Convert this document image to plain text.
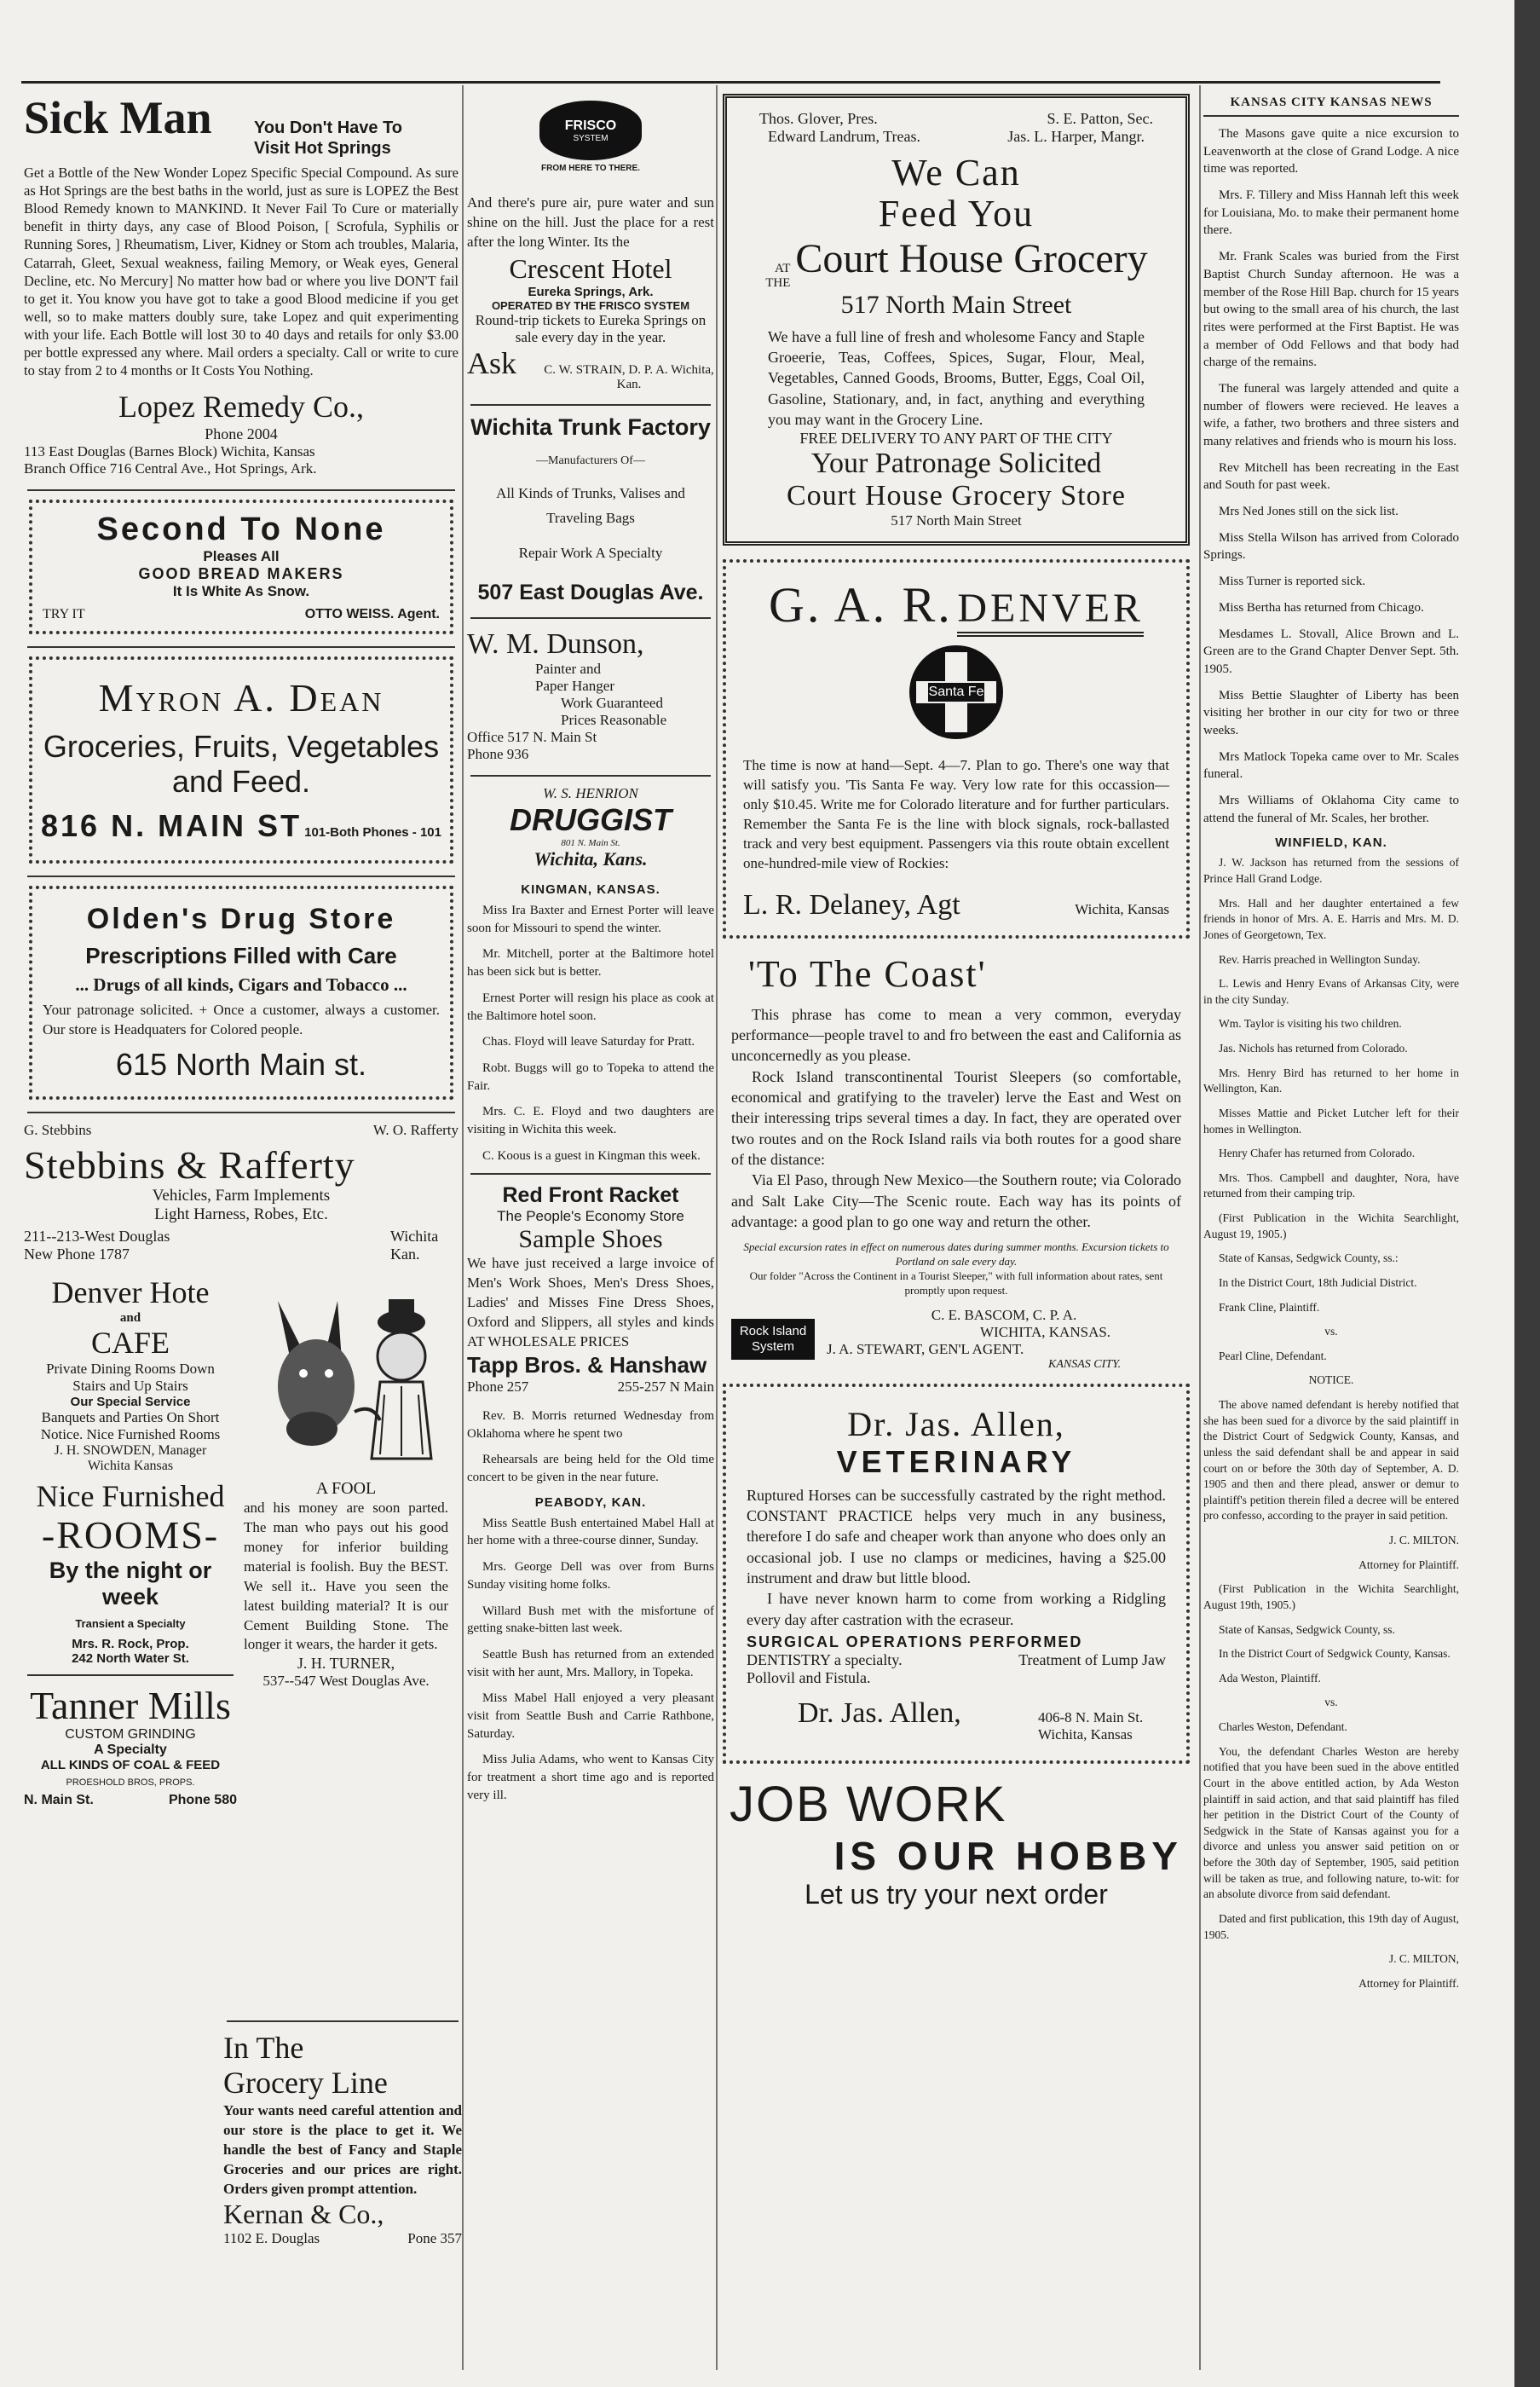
Sick Man You Don't Have To
Visit Hot Springs
Get a Bottle of the New Wonder Lopez Specific Special Compound. As sure as Hot Springs are the best baths in the world, just as sure is LOPEZ the Best Blood Remedy known to MANKIND. It Never Fail To Cure or materially benefit in thirty days, any case of Blood Poison, [ Scrofula, Syphilis or Running Sores, ] Rheumatism, Liver, Kidney or Stom ach troubles, Malaria, Catarrah, Gleet, Sexual weakness, failing Memory, or Weak eyes, General Decline, etc. No Mercury] No matter how bad or where you live DON'T fail to get it. You know you have got to take a good Blood medicine if you get well, so to make matters doubly sure, take Lopez and quit experimenting with your life. Each Bottle will lost 30 to 40 days and retails for only $3.00 per bottle expressed any where. Mail orders a specialty. Call or write to cure to stay from 2 to 4 months or It Costs You Nothing.
Lopez Remedy Co.,
Phone 2004
113 East Douglas (Barnes Block) Wichita, Kansas
Branch Office 716 Central Ave., Hot Springs, Ark.
Second To None
Pleases All
GOOD BREAD MAKERS
It Is White As Snow.
TRY IT	OTTO WEISS. Agent.
Myron A. Dean
Groceries, Fruits, Vegetables and Feed.
816 N. MAIN ST 101-Both Phones - 101
Olden's Drug Store
Prescriptions Filled with Care
... Drugs of all kinds, Cigars and Tobacco ...
Your patronage solicited. + Once a customer, always a customer. Our store is Headquaters for Colored people.
615 North Main st.
G. Stebbins	W. O. Rafferty
Stebbins & Rafferty
Vehicles, Farm Implements
Light Harness, Robes, Etc.
211--213-West Douglas
New Phone 1787
Wichita Kan.
Denver Hote
and
CAFE
Private Dining Rooms Down
Stairs and Up Stairs
Our Special Service
Banquets and Parties On Short
Notice. Nice Furnished Rooms
J. H. SNOWDEN, Manager
Wichita Kansas
Nice Furnished
-ROOMS-
By the night or week
Transient a Specialty
Mrs. R. Rock, Prop.
242 North Water St.
Tanner Mills
CUSTOM GRINDING
A Specialty
ALL KINDS OF COAL & FEED
PROESHOLD BROS, PROPS.
N. Main St.	Phone 580
A FOOL
and his money are soon parted. The man who pays out his good money for inferior building material is foolish. Buy the BEST. We sell it.. Have you seen the latest building material? It is our Cement Building Stone. The longer it wears, the harder it gets.
J. H. TURNER,
537--547 West Douglas Ave.
In The
Grocery Line
Your wants need careful attention and our store is the place to get it. We handle the best of Fancy and Staple Groceries and our prices are right. Orders given prompt attention.
Kernan & Co.,
1102 E. Douglas	Pone 357
FRISCO
SYSTEM
FROM HERE TO THERE.
And there's pure air, pure water and sun shine on the hill. Just the place for a rest after the long Winter. Its the
Crescent Hotel
Eureka Springs, Ark.
OPERATED BY THE FRISCO SYSTEM
Round-trip tickets to Eureka Springs on sale every day in the year.
Ask C. W. STRAIN, D. P. A. Wichita, Kan.
Wichita Trunk Factory
—Manufacturers Of—
All Kinds of Trunks, Valises and Traveling Bags
Repair Work A Specialty
507 East Douglas Ave.
W. M. Dunson,
Painter and
Paper Hanger
Work Guaranteed
Prices Reasonable
Office 517 N. Main St
Phone 936
W. S. HENRION
DRUGGIST
801 N. Main St.
Wichita, Kans.
KINGMAN, KANSAS.

Miss Ira Baxter and Ernest Porter will leave soon for Missouri to spend the winter.

Mr. Mitchell, porter at the Baltimore hotel has been sick but is better.

Ernest Porter will resign his place as cook at the Baltimore hotel soon.

Chas. Floyd will leave Saturday for Pratt.

Robt. Buggs will go to Topeka to attend the Fair.

Mrs. C. E. Floyd and two daughters are visiting in Wichita this week.

C. Koous is a guest in Kingman this week.

Red Front Racket
The People's Economy Store
Sample Shoes
We have just received a large invoice of Men's Work Shoes, Men's Dress Shoes, Ladies' and Misses Fine Dress Shoes, Oxford and Slippers, all styles and kinds AT WHOLESALE PRICES
Tapp Bros. & Hanshaw
Phone 257	255-257 N Main

Rev. B. Morris returned Wednesday from Oklahoma where he spent two

Rehearsals are being held for the Old time concert to be given in the near future.

PEABODY, KAN.

Miss Seattle Bush entertained Mabel Hall at her home with a three-course dinner, Sunday.

Mrs. George Dell was over from Burns Sunday visiting home folks.

Willard Bush met with the misfortune of getting snake-bitten last week.

Seattle Bush has returned from an extended visit with her aunt, Mrs. Mallory, in Topeka.

Miss Mabel Hall enjoyed a very pleasant visit from Seattle Bush and Carrie Rathbone, Saturday.

Miss Julia Adams, who went to Kansas City for treatment a short time ago and is reported very ill.

Thos. Glover, Pres.	S. E. Patton, Sec.
Edward Landrum, Treas.	Jas. L. Harper, Mangr.
We Can
Feed You
AT THE
Court House Grocery
517 North Main Street
We have a full line of fresh and wholesome Fancy and Staple Groeerie, Teas, Coffees, Spices, Sugar, Flour, Meal, Vegetables, Canned Goods, Brooms, Butter, Eggs, Coal Oil, Gasoline, Stationary, and, in fact, anything and everything you may want in the Grocery Line.
FREE DELIVERY TO ANY PART OF THE CITY
Your Patronage Solicited
Court House Grocery Store
517 North Main Street
G. A. R. DENVER
Santa Fe
The time is now at hand—Sept. 4—7. Plan to go. There's one way that will satisfy you. 'Tis Santa Fe way. Very low rate for this occassion—only $10.45. Write me for Colorado literature and for further particulars. Remember the Santa Fe is the line with block signals, rock-ballasted track and very best equipment. Passengers via this route obtain excellent one-hundred-mile view of Rockies:
L. R. Delaney, Agt	Wichita, Kansas
'To The Coast'
This phrase has come to mean a very common, everyday performance—people travel to and fro between the east and California as unconcernedly as you please.
Rock Island transcontinental Tourist Sleepers (so comfortable, economical and gratifying to the traveler) lerve the East and West on their interessing trips several times a day. In fact, they are operated over two routes and on the Rock Island rails via both routes for a good share of the distance:
Via El Paso, through New Mexico—the Southern route; via Colorado and Salt Lake City—The Scenic route. Each way has its points of advantage: a good plan to go one way and return the other.
Special excursion rates in effect on numerous dates during summer months. Excursion tickets to Portland on sale every day.
Our folder "Across the Continent in a Tourist Sleeper," with full information about rates, sent promptly upon request.
Rock Island System
C. E. BASCOM, C. P. A.
WICHITA, KANSAS.
J. A. STEWART, GEN'L AGENT.
KANSAS CITY.
Dr. Jas. Allen,
VETERINARY
Ruptured Horses can be successfully castrated by the right method. CONSTANT PRACTICE helps very much in any business, therefore I do safe and cheaper work than anyone who does only an occasional job. I use no clamps or medicines, having a $25.00 instrument and draw but little blood.
I have never known harm to come from working a Ridgling every day after castration with the ecraseur.
SURGICAL OPERATIONS PERFORMED
DENTISTRY a specialty.	Treatment of Lump Jaw
Pollovil and Fistula.
Dr. Jas. Allen,	406-8 N. Main St. Wichita, Kansas
JOB WORK
IS OUR HOBBY
Let us try your next order
KANSAS CITY KANSAS NEWS

The Masons gave quite a nice excursion to Leavenworth at the close of Grand Lodge. A nice time was reported.

Mrs. F. Tillery and Miss Hannah left this week for Louisiana, Mo. to make their permanent home there.

Mr. Frank Scales was buried from the First Baptist Church Sunday afternoon. He was a member of the Rose Hill Bap. church for 15 years but owing to the small area of his church, the last rites were performed at the First Baptist. He was a member of Odd Fellows and that body had charge of the remains.

The funeral was largely attended and quite a number of flowers were recieved. He leaves a wife, a father, two brothers and three sisters and many relatives and friends who is mourn his loss.

Rev Mitchell has been recreating in the East and South for past week.

Mrs Ned Jones still on the sick list.

Miss Stella Wilson has arrived from Colorado Springs.

Miss Turner is reported sick.

Miss Bertha has returned from Chicago.

Mesdames L. Stovall, Alice Brown and L. Green are to the Grand Chapter Denver Sept. 5th. 1905.

Miss Bettie Slaughter of Liberty has been visiting her brother in our city for two or three weeks.

Mrs Matlock Topeka came over to Mr. Scales funeral.

Mrs Williams of Oklahoma City came to attend the funeral of Mr. Scales, her brother.

WINFIELD, KAN.

J. W. Jackson has returned from the sessions of Prince Hall Grand Lodge.

Mrs. Hall and her daughter entertained a few friends in honor of Mrs. A. E. Harris and Mrs. M. D. Jones of Georgetown, Tex.

Rev. Harris preached in Wellington Sunday.

L. Lewis and Henry Evans of Arkansas City, were in the city Sunday.

Wm. Taylor is visiting his two children.

Jas. Nichols has returned from Colorado.

Mrs. Henry Bird has returned to her home in Wellington, Kan.

Misses Mattie and Picket Lutcher left for their homes in Wellington.

Henry Chafer has returned from Colorado.

Mrs. Thos. Campbell and daughter, Nora, have returned from their camping trip.

(First Publication in the Wichita Searchlight, August 19, 1905.)

State of Kansas, Sedgwick County, ss.:

In the District Court, 18th Judicial District.

Frank Cline, Plaintiff.

vs.

Pearl Cline, Defendant.

NOTICE.

The above named defendant is hereby notified that she has been sued for a divorce by the said plaintiff in the District Court of Sedgwick County, Kansas, and unless the said defendant shall be and appear in said court on or before the 30th day of September, A. D. 1905 and then and there plead, answer or demur to plaintiff's petition therein filed a decree will be entered pro confesso, according to the prayer in said petition.

J. C. MILTON.

Attorney for Plaintiff.

(First Publication in the Wichita Searchlight, August 19th, 1905.)

State of Kansas, Sedgwick County, ss.

In the District Court of Sedgwick County, Kansas.

Ada Weston, Plaintiff.

vs.

Charles Weston, Defendant.

You, the defendant Charles Weston are hereby notified that you have been sued in the above entitled Court in the above entitled action, by Ada Weston plaintiff in said action, and that said plaintiff has filed her petition in the District Court of the County of Sedgwick in the State of Kansas against you for a divorce and unless you answer said petition on or before the 30th day of September, 1905, said petition will be taken as true, and following nature, to-wit: for an absolute divorce from said defendant.

Dated and first publication, this 19th day of August, 1905.

J. C. MILTON,

Attorney for Plaintiff.
